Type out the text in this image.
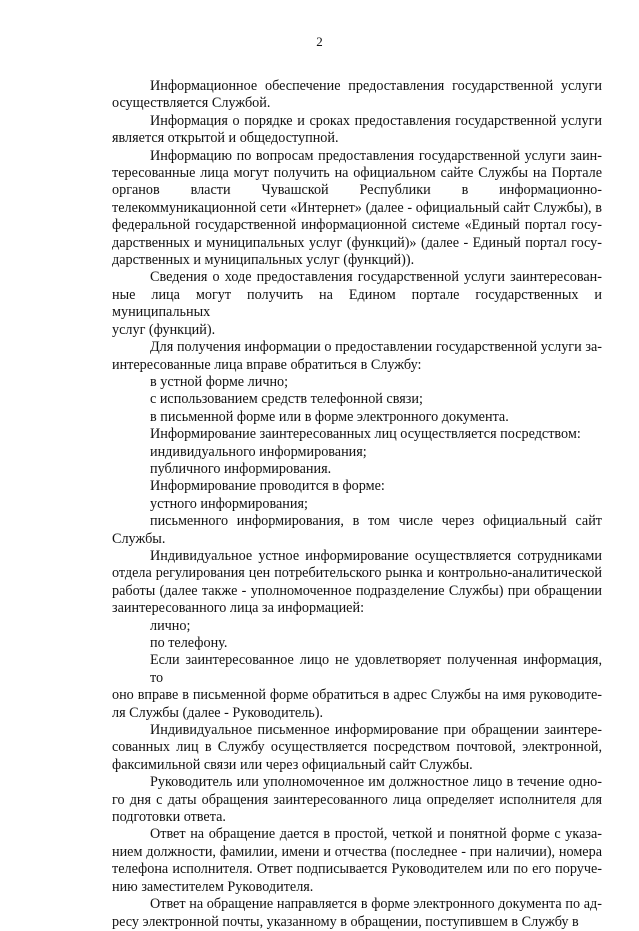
2
Информационное обеспечение предоставления государственной услуги
осуществляется Службой.
Информация о порядке и сроках предоставления государственной услуги
является открытой и общедоступной.
Информацию по вопросам предоставления государственной услуги заин-
тересованные лица могут получить на официальном сайте Службы на Портале
органов власти Чувашской Республики в информационно-
телекоммуникационной сети «Интернет» (далее - официальный сайт Службы), в
федеральной государственной информационной системе «Единый портал госу-
дарственных и муниципальных услуг (функций)» (далее - Единый портал госу-
дарственных и муниципальных услуг (функций)).
Сведения о ходе предоставления государственной услуги заинтересован-
ные лица могут получить на Едином портале государственных и муниципальных
услуг (функций).
Для получения информации о предоставлении государственной услуги за-
интересованные лица вправе обратиться в Службу:
в устной форме лично;
с использованием средств телефонной связи;
в письменной форме или в форме электронного документа.
Информирование заинтересованных лиц осуществляется посредством:
индивидуального информирования;
публичного информирования.
Информирование проводится в форме:
устного информирования;
письменного информирования, в том числе через официальный сайт
Службы.
Индивидуальное устное информирование осуществляется сотрудниками
отдела регулирования цен потребительского рынка и контрольно-аналитической
работы (далее также - уполномоченное подразделение Службы) при обращении
заинтересованного лица за информацией:
лично;
по телефону.
Если заинтересованное лицо не удовлетворяет полученная информация, то
оно вправе в письменной форме обратиться в адрес Службы на имя руководите-
ля Службы (далее - Руководитель).
Индивидуальное письменное информирование при обращении заинтере-
сованных лиц в Службу осуществляется посредством почтовой, электронной,
факсимильной связи или через официальный сайт Службы.
Руководитель или уполномоченное им должностное лицо в течение одно-
го дня с даты обращения заинтересованного лица определяет исполнителя для
подготовки ответа.
Ответ на обращение дается в простой, четкой и понятной форме с указа-
нием должности, фамилии, имени и отчества (последнее - при наличии), номера
телефона исполнителя. Ответ подписывается Руководителем или по его поруче-
нию заместителем Руководителя.
Ответ на обращение направляется в форме электронного документа по ад-
ресу электронной почты, указанному в обращении, поступившем в Службу в
